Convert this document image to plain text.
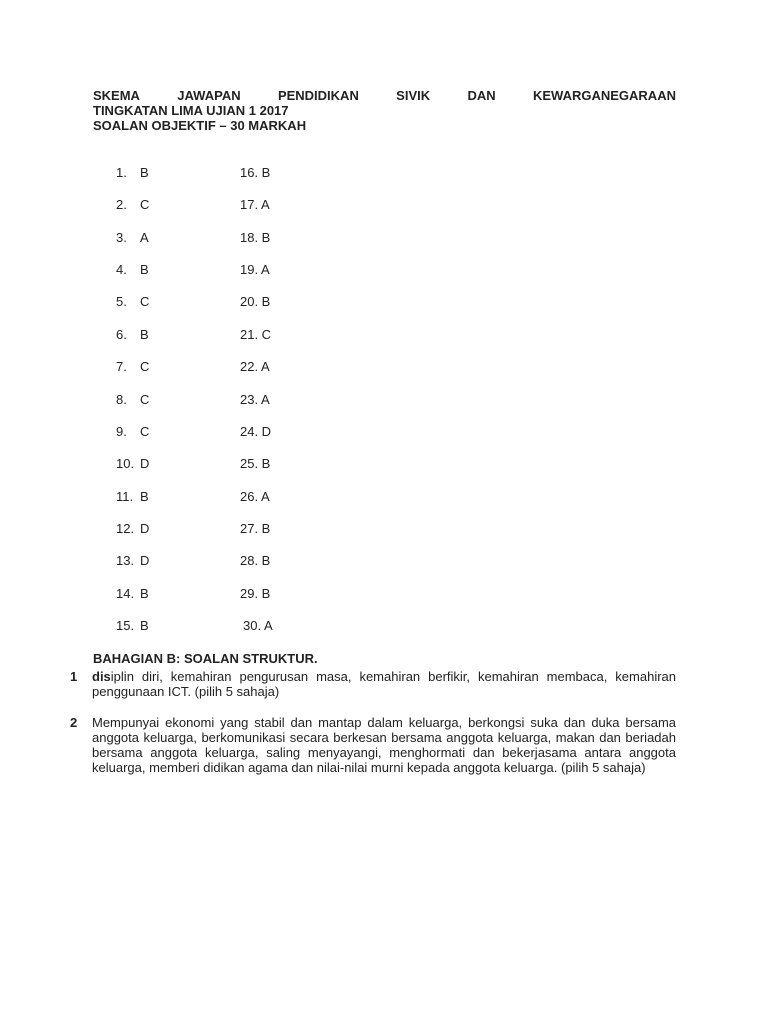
SKEMA	JAWAPAN	PENDIDIKAN	SIVIK	DAN	KEWARGANEGARAAN
TINGKATAN LIMA UJIAN 1 2017
SOALAN OBJEKTIF – 30 MARKAH
1. B	16. B
2. C	17. A
3. A	18. B
4. B	19. A
5. C	20. B
6. B	21. C
7. C	22. A
8. C	23. A
9. C	24. D
10. D	25. B
11. B	26. A
12. D	27. B
13. D	28. B
14. B	29. B
15. B	30. A
BAHAGIAN B: SOALAN STRUKTUR.
1 disiplin diri, kemahiran pengurusan masa, kemahiran berfikir, kemahiran membaca, kemahiran penggunaan ICT. (pilih 5 sahaja)
2 Mempunyai ekonomi yang stabil dan mantap dalam keluarga, berkongsi suka dan duka bersama anggota keluarga, berkomunikasi secara berkesan bersama anggota keluarga, makan dan beriadah bersama anggota keluarga, saling menyayangi, menghormati dan bekerjasama antara anggota keluarga, memberi didikan agama dan nilai-nilai murni kepada anggota keluarga. (pilih 5 sahaja)
